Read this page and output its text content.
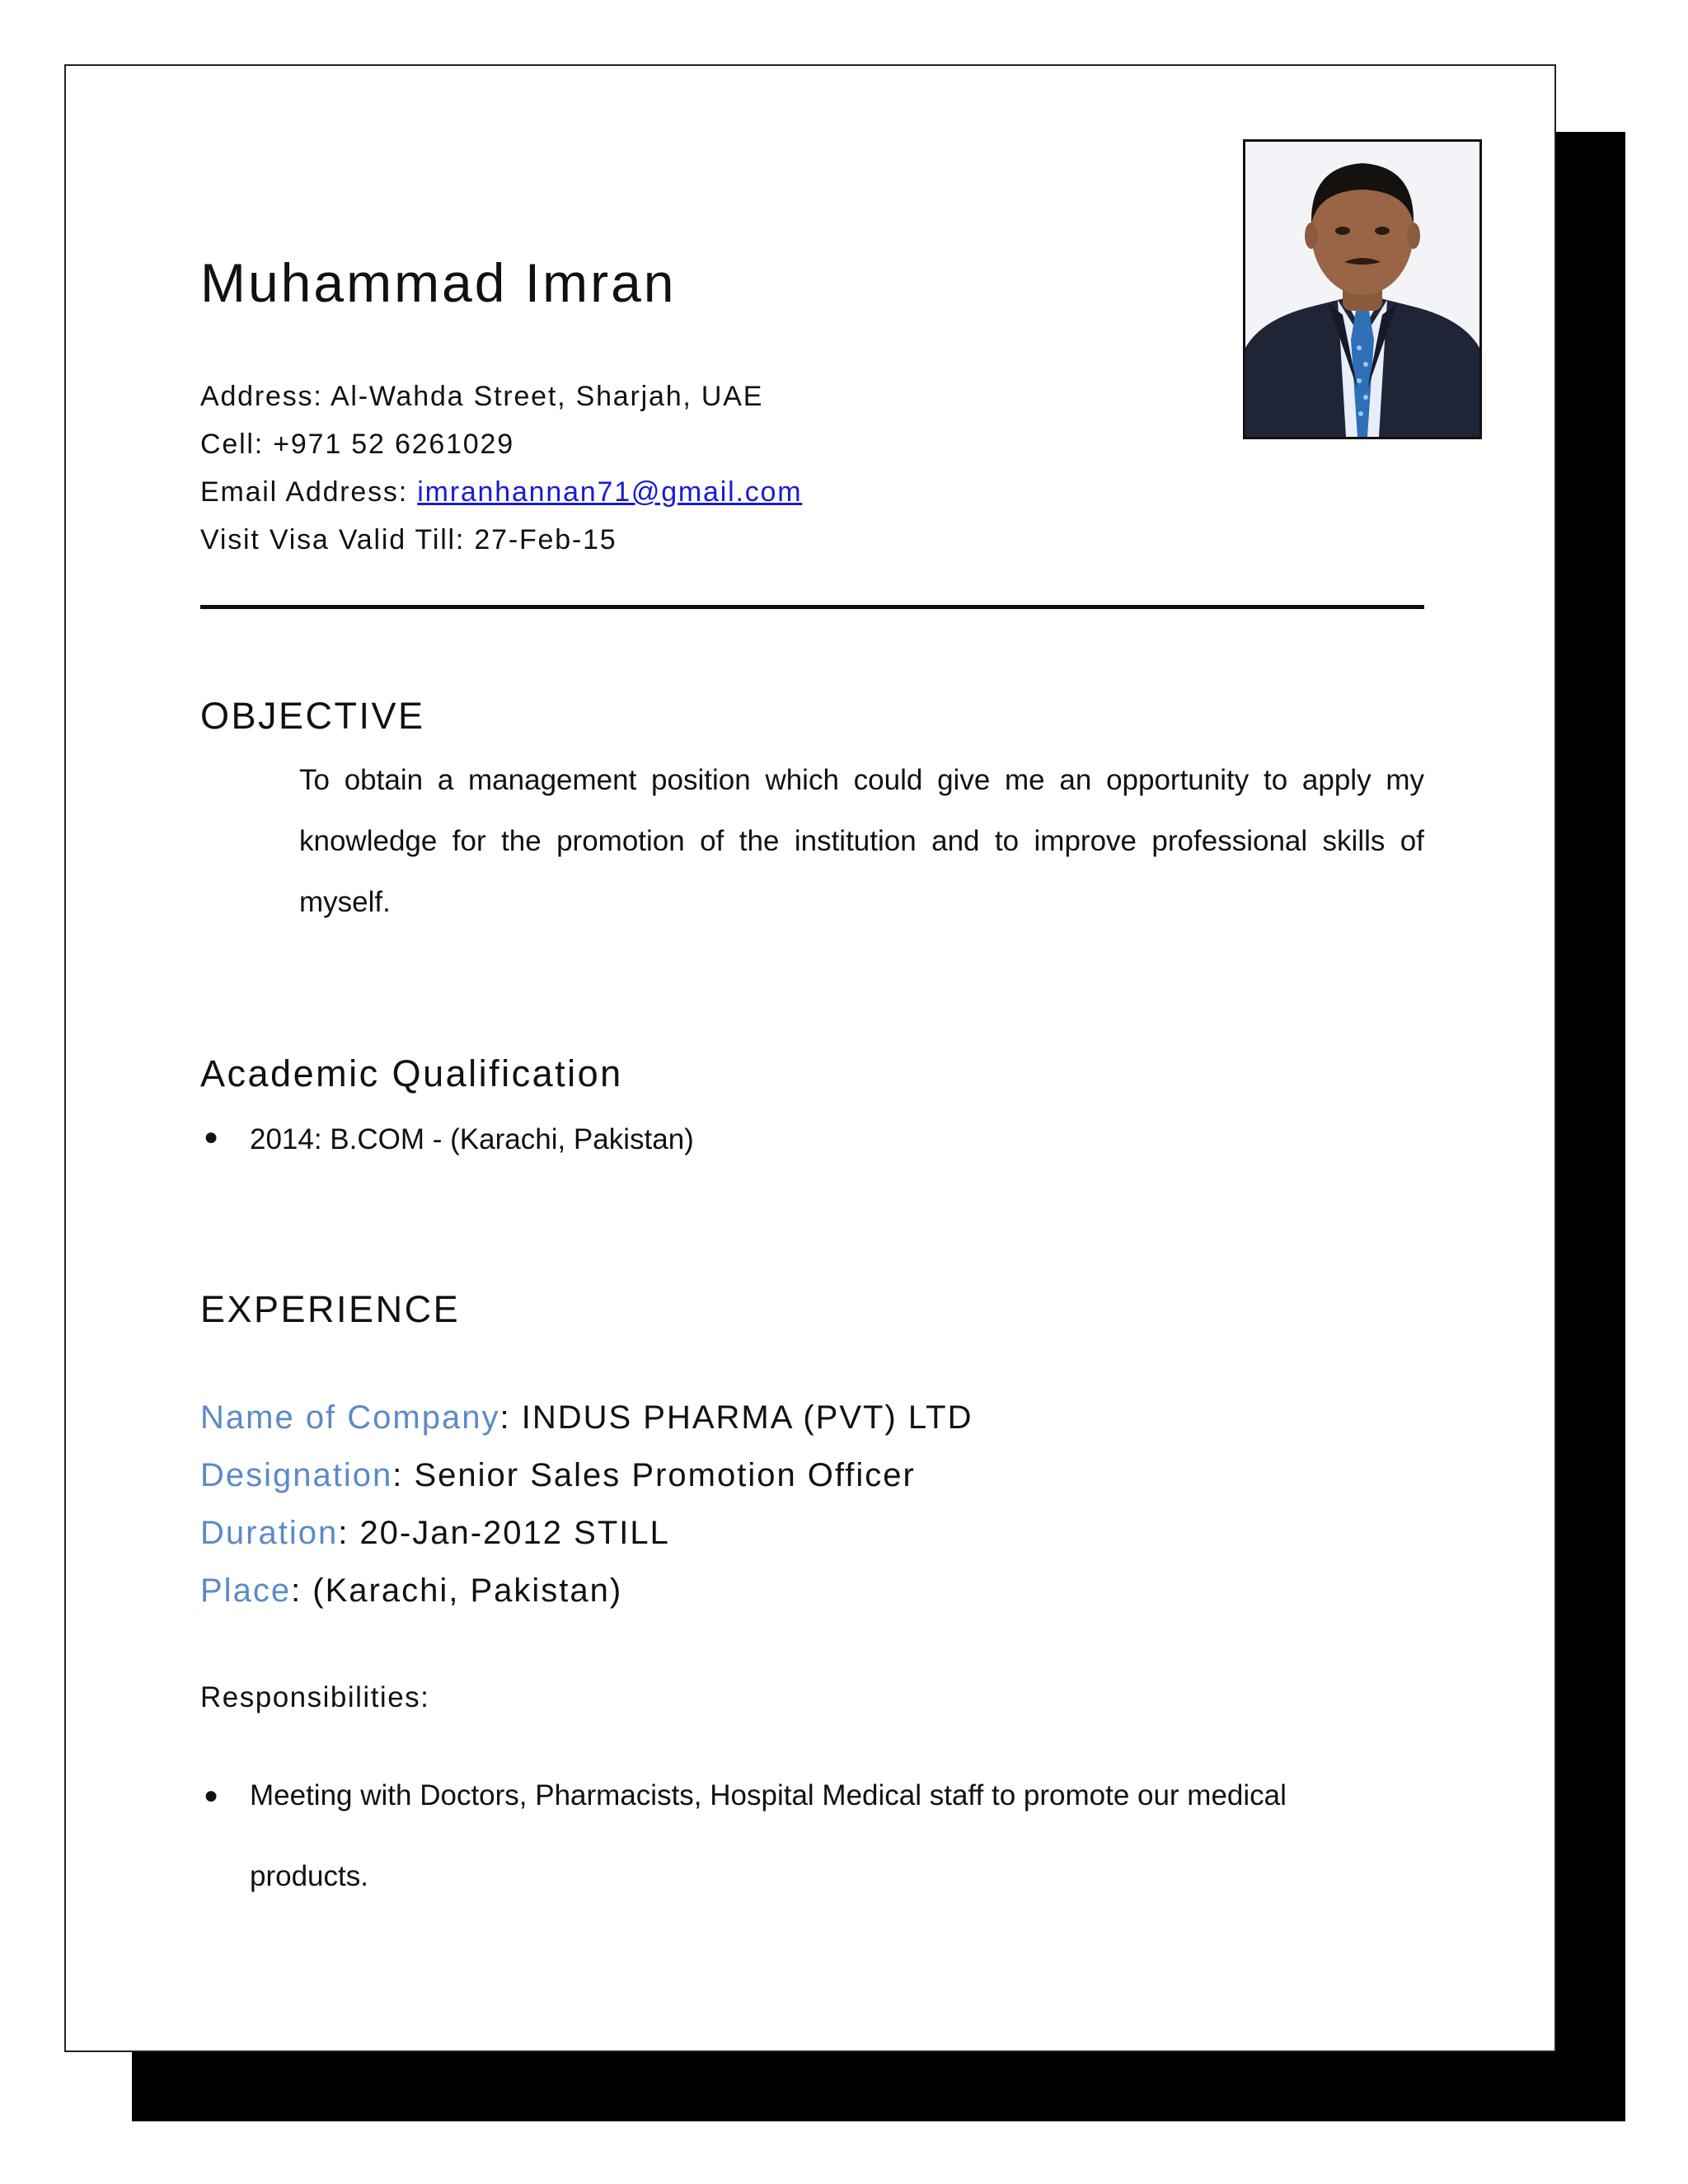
Muhammad Imran
Address: Al-Wahda Street, Sharjah, UAE
Cell: +971 52 6261029
Email Address: imranhannan71@gmail.com
Visit Visa Valid Till: 27-Feb-15
OBJECTIVE
To obtain a management position which could give me an opportunity to apply my knowledge for the promotion of the institution and to improve professional skills of myself.
Academic Qualification
● 2014: B.COM - (Karachi, Pakistan)
EXPERIENCE
Name of Company: INDUS PHARMA (PVT) LTD
Designation: Senior Sales Promotion Officer
Duration: 20-Jan-2012 STILL
Place: (Karachi, Pakistan)
Responsibilities:
● Meeting with Doctors, Pharmacists, Hospital Medical staff to promote our medical products.
